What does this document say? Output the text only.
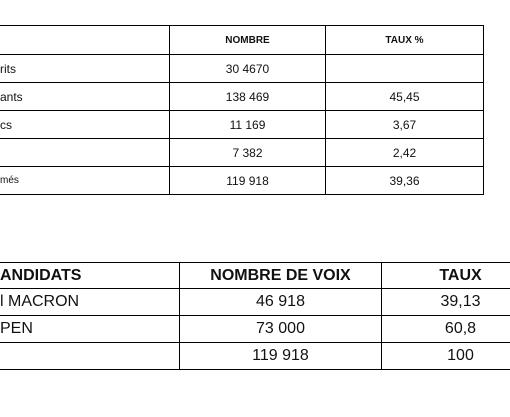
	NOMBRE	TAUX %
rits	30 4670	
ants	138 469	45,45
cs	11 169	3,67
	7 382	2,42
més	119 918	39,36
ANDIDATS	NOMBRE DE VOIX	TAUX
l MACRON	46 918	39,13
PEN	73 000	60,8
	119 918	100
